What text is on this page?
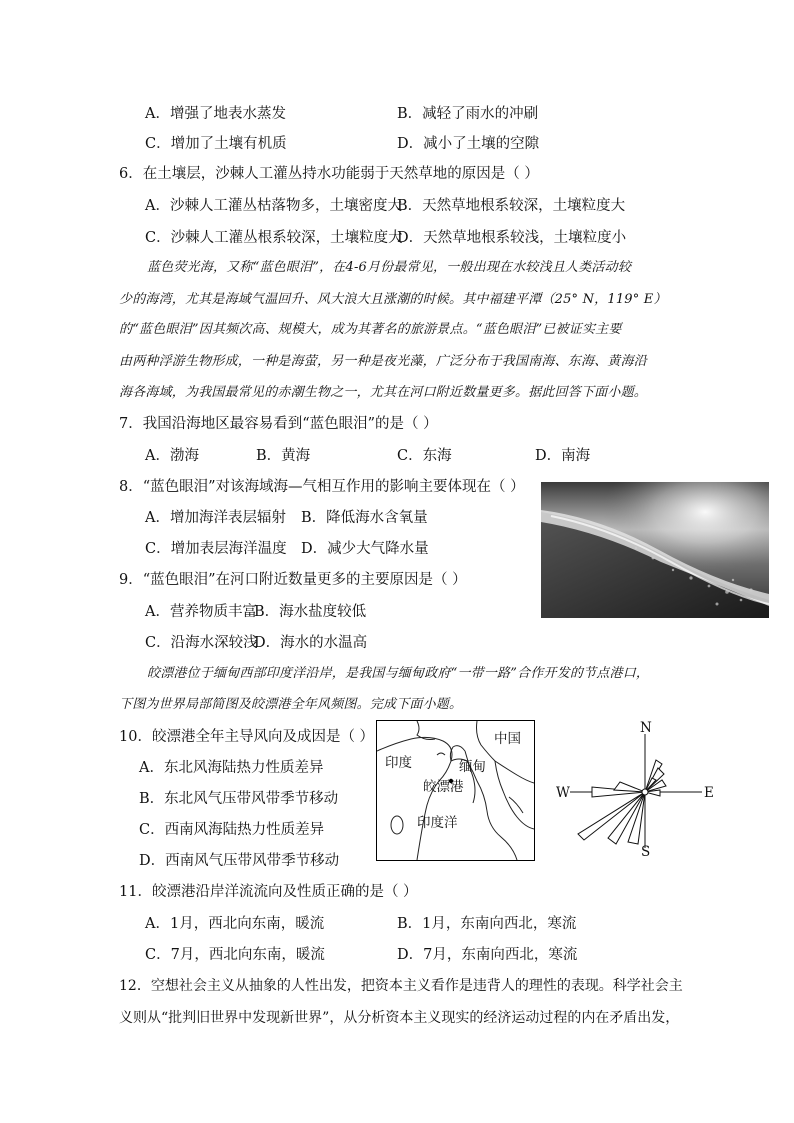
A．增强了地表水蒸发	B．减轻了雨水的冲刷
C．增加了土壤有机质	D．减小了土壤的空隙
6．在土壤层，沙棘人工灌丛持水功能弱于天然草地的原因是（ ）
A．沙棘人工灌丛枯落物多，土壤密度大
B．天然草地根系较深，土壤粒度大
C．沙棘人工灌丛根系较深，土壤粒度大
D．天然草地根系较浅，土壤粒度小
蓝色荧光海，又称“蓝色眼泪”，在4-6月份最常见，一般出现在水较浅且人类活动较
少的海湾，尤其是海域气温回升、风大浪大且涨潮的时候。其中福建平潭（25° N，119° E）
的“蓝色眼泪”因其频次高、规模大，成为其著名的旅游景点。“蓝色眼泪”已被证实主要
由两种浮游生物形成，一种是海萤，另一种是夜光藻，广泛分布于我国南海、东海、黄海沿
海各海域，为我国最常见的赤潮生物之一，尤其在河口附近数量更多。据此回答下面小题。
7．我国沿海地区最容易看到“蓝色眼泪”的是（ ）
A．渤海	B．黄海	C．东海	D．南海
8．“蓝色眼泪”对该海域海—气相互作用的影响主要体现在（ ）
A．增加海洋表层辐射 B．降低海水含氧量
C．增加表层海洋温度 D．减少大气降水量
9．“蓝色眼泪”在河口附近数量更多的主要原因是（ ）
A．营养物质丰富
B．海水盐度较低
C．沿海水深较浅
D．海水的水温高
皎漂港位于缅甸西部印度洋沿岸，是我国与缅甸政府“一带一路”合作开发的节点港口，
下图为世界局部简图及皎漂港全年风频图。完成下面小题。
10．皎漂港全年主导风向及成因是（ ）
A．东北风海陆热力性质差异
B．东北风气压带风带季节移动
C．西南风海陆热力性质差异
D．西南风气压带风带季节移动
中国
印度	缅甸
皎漂港
印度洋
N
S
E
W
11．皎漂港沿岸洋流流向及性质正确的是（ ）
A．1月，西北向东南，暖流	B．1月，东南向西北，寒流
C．7月，西北向东南，暖流	D．7月，东南向西北，寒流
12．空想社会主义从抽象的人性出发，把资本主义看作是违背人的理性的表现。科学社会主
义则从“批判旧世界中发现新世界”，从分析资本主义现实的经济运动过程的内在矛盾出发，
